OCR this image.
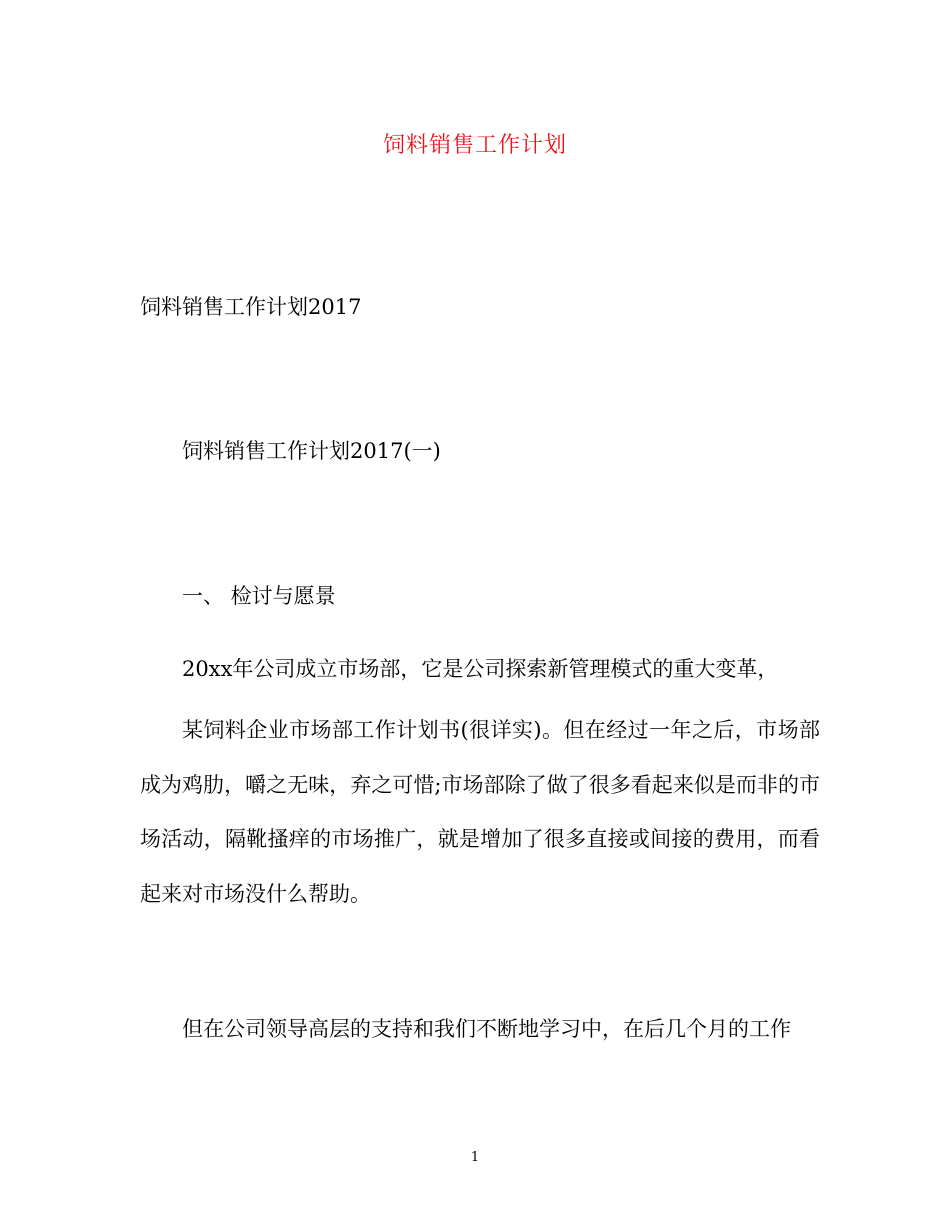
饲料销售工作计划
饲料销售工作计划2017
饲料销售工作计划2017(一)
一、 检讨与愿景

20xx年公司成立市场部，它是公司探索新管理模式的重大变革，

某饲料企业市场部工作计划书(很详实)。但在经过一年之后，市场部成为鸡肋，嚼之无味，弃之可惜;市场部除了做了很多看起来似是而非的市场活动，隔靴搔痒的市场推广，就是增加了很多直接或间接的费用，而看起来对市场没什么帮助。

但在公司领导高层的支持和我们不断地学习中，在后几个月的工作

1
